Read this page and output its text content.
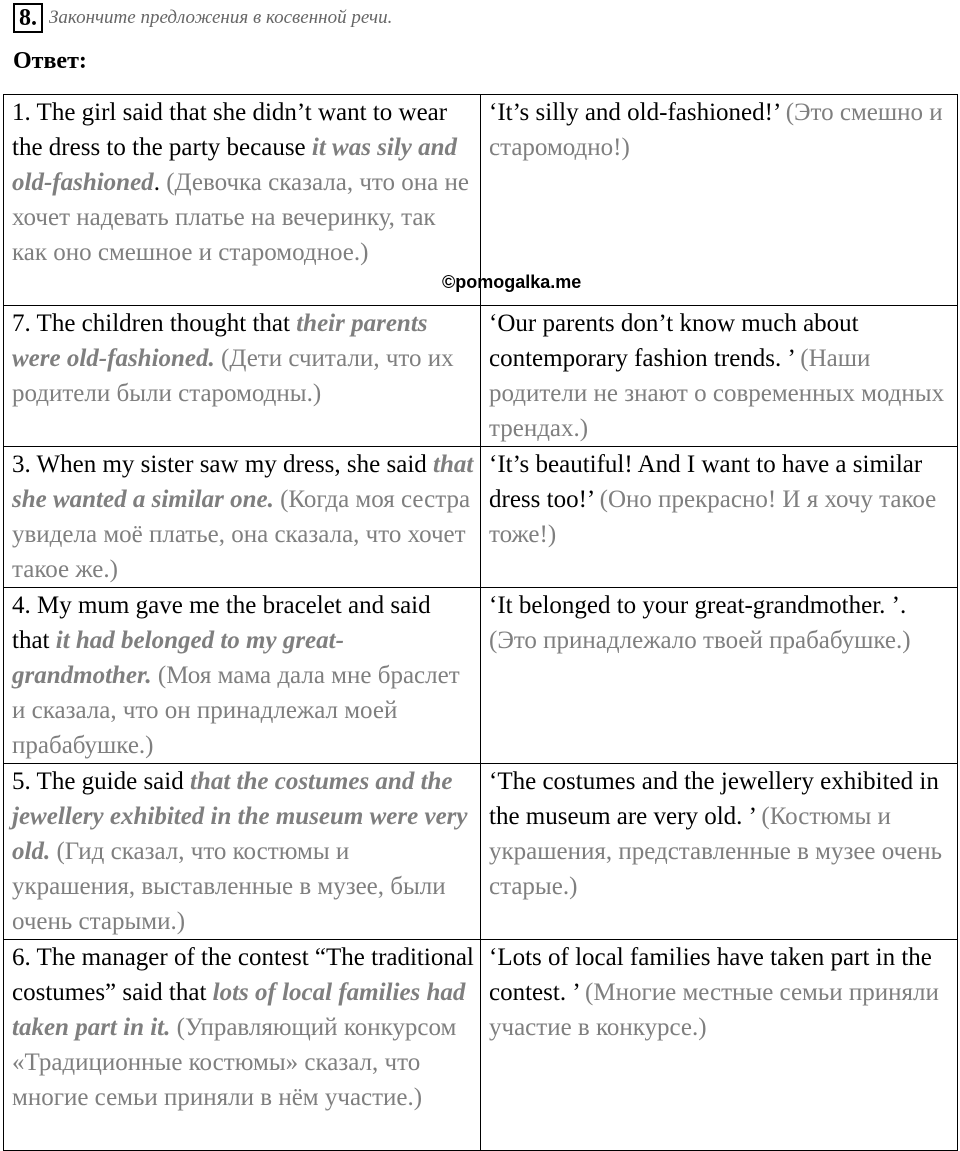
8. Закончите предложения в косвенной речи.
Ответ:
1. The girl said that she didn’t want to wear the dress to the party because it was sily and old-fashioned. (Девочка сказала, что она не хочет надевать платье на вечеринку, так как оно смешное и старомодное.)	‘It’s silly and old-fashioned!’ (Это смешно и старомодно!)
7. The children thought that their parents were old-fashioned. (Дети считали, что их родители были старомодны.)	‘Our parents don’t know much about contemporary fashion trends. ’ (Наши родители не знают о современных модных трендах.)
3. When my sister saw my dress, she said that she wanted a similar one. (Когда моя сестра увидела моё платье, она сказала, что хочет такое же.)	‘It’s beautiful! And I want to have a similar dress too!’ (Оно прекрасно! И я хочу такое тоже!)
4. My mum gave me the bracelet and said that it had belonged to my great-grandmother. (Моя мама дала мне браслет и сказала, что он принадлежал моей прабабушке.)	‘It belonged to your great-grandmother. ’. (Это принадлежало твоей прабабушке.)
5. The guide said that the costumes and the jewellery exhibited in the museum were very old. (Гид сказал, что костюмы и украшения, выставленные в музее, были очень старыми.)	‘The costumes and the jewellery exhibited in the museum are very old. ’ (Костюмы и украшения, представленные в музее очень старые.)
6. The manager of the contest “The traditional costumes” said that lots of local families had taken part in it. (Управляющий конкурсом «Традиционные костюмы» сказал, что многие семьи приняли в нём участие.)	‘Lots of local families have taken part in the contest. ’ (Многие местные семьи приняли участие в конкурсе.)
©pomogalka.me
